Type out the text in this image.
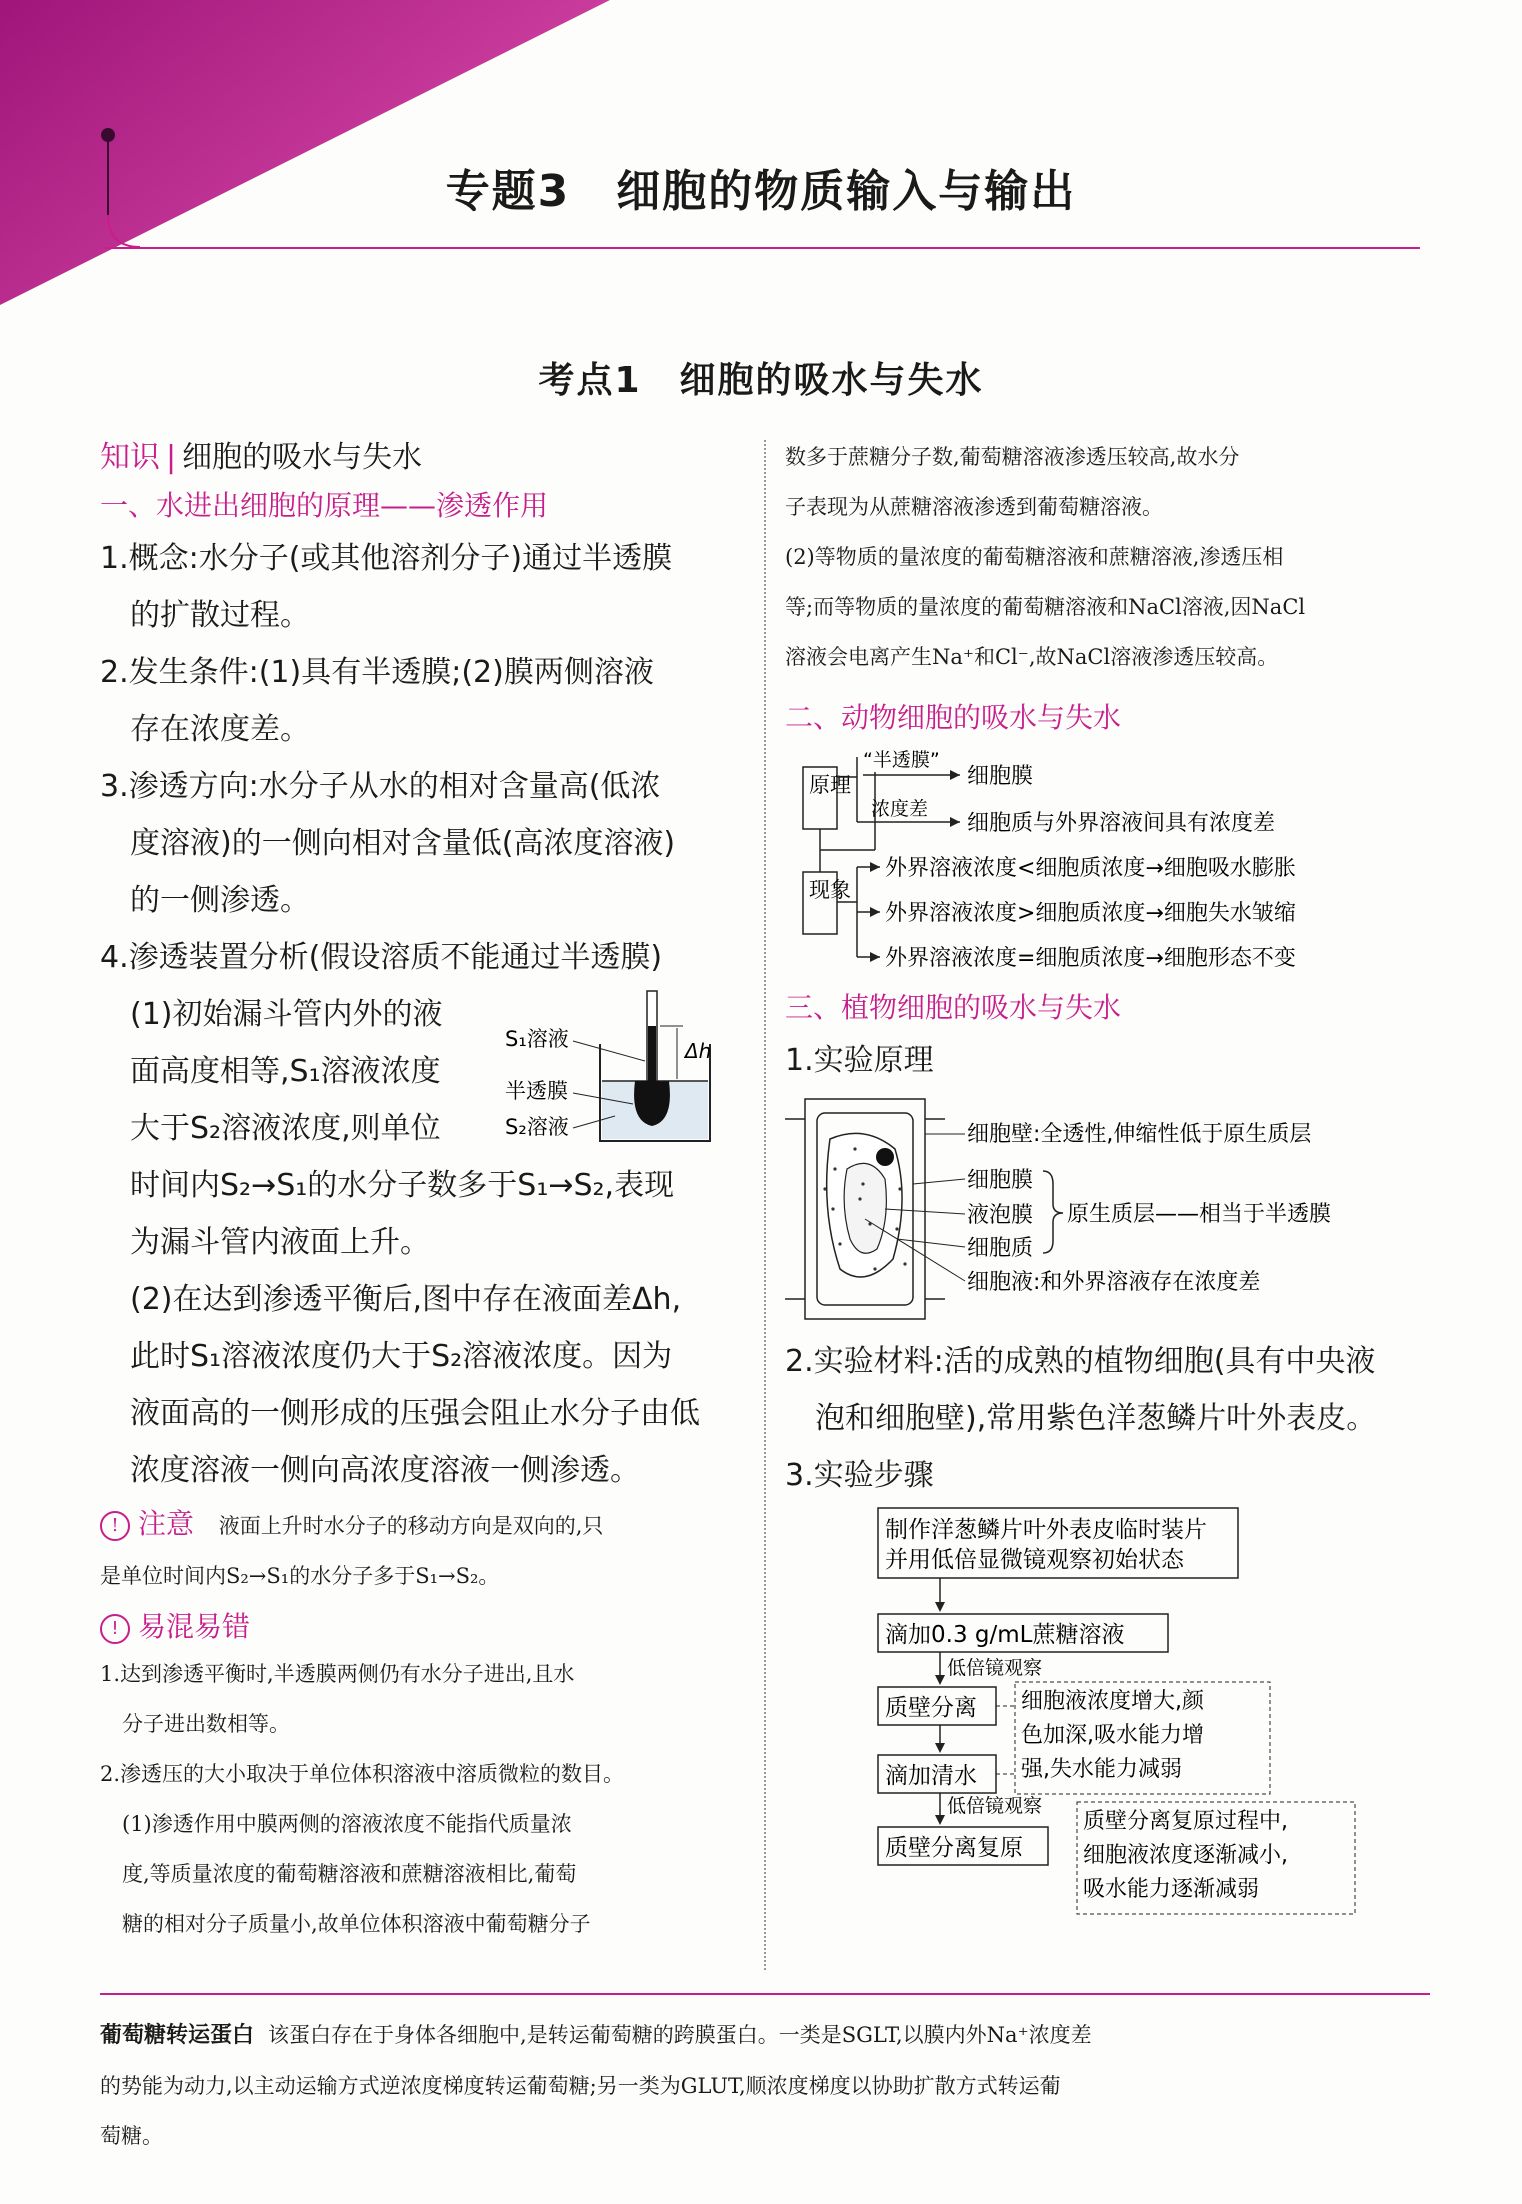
专题3　细胞的物质输入与输出
考点1　细胞的吸水与失水
知识 | 细胞的吸水与失水
一、水进出细胞的原理——渗透作用
1.概念:水分子(或其他溶剂分子)通过半透膜
的扩散过程。
2.发生条件:(1)具有半透膜;(2)膜两侧溶液
存在浓度差。
3.渗透方向:水分子从水的相对含量高(低浓
度溶液)的一侧向相对含量低(高浓度溶液)
的一侧渗透。
4.渗透装置分析(假设溶质不能通过半透膜)
(1)初始漏斗管内外的液
面高度相等,S₁溶液浓度
大于S₂溶液浓度,则单位
Δh
S₁溶液
半透膜
S₂溶液
时间内S₂→S₁的水分子数多于S₁→S₂,表现
为漏斗管内液面上升。
(2)在达到渗透平衡后,图中存在液面差Δh,
此时S₁溶液浓度仍大于S₂溶液浓度。因为
液面高的一侧形成的压强会阻止水分子由低
浓度溶液一侧向高浓度溶液一侧渗透。
! 注意 液面上升时水分子的移动方向是双向的,只
是单位时间内S₂→S₁的水分子多于S₁→S₂。
! 易混易错
1.达到渗透平衡时,半透膜两侧仍有水分子进出,且水
分子进出数相等。
2.渗透压的大小取决于单位体积溶液中溶质微粒的数目。
(1)渗透作用中膜两侧的溶液浓度不能指代质量浓
度,等质量浓度的葡萄糖溶液和蔗糖溶液相比,葡萄
糖的相对分子质量小,故单位体积溶液中葡萄糖分子
数多于蔗糖分子数,葡萄糖溶液渗透压较高,故水分
子表现为从蔗糖溶液渗透到葡萄糖溶液。
(2)等物质的量浓度的葡萄糖溶液和蔗糖溶液,渗透压相
等;而等物质的量浓度的葡萄糖溶液和NaCl溶液,因NaCl
溶液会电离产生Na⁺和Cl⁻,故NaCl溶液渗透压较高。
二、动物细胞的吸水与失水
原理
现象
“半透膜”
细胞膜
浓度差
细胞质与外界溶液间具有浓度差
外界溶液浓度<细胞质浓度→细胞吸水膨胀
外界溶液浓度>细胞质浓度→细胞失水皱缩
外界溶液浓度=细胞质浓度→细胞形态不变
三、植物细胞的吸水与失水
1.实验原理
细胞壁:全透性,伸缩性低于原生质层
细胞膜
液泡膜
细胞质
原生质层——相当于半透膜
细胞液:和外界溶液存在浓度差
2.实验材料:活的成熟的植物细胞(具有中央液
泡和细胞壁),常用紫色洋葱鳞片叶外表皮。
3.实验步骤
制作洋葱鳞片叶外表皮临时装片
并用低倍显微镜观察初始状态
滴加0.3 g/mL蔗糖溶液
低倍镜观察
质壁分离 细胞液浓度增大,颜
色加深,吸水能力增
强,失水能力减弱
滴加清水
低倍镜观察
质壁分离复原
质壁分离复原过程中,
细胞液浓度逐渐减小,
吸水能力逐渐减弱
葡萄糖转运蛋白 该蛋白存在于身体各细胞中,是转运葡萄糖的跨膜蛋白。一类是SGLT,以膜内外Na⁺浓度差
的势能为动力,以主动运输方式逆浓度梯度转运葡萄糖;另一类为GLUT,顺浓度梯度以协助扩散方式转运葡
萄糖。
